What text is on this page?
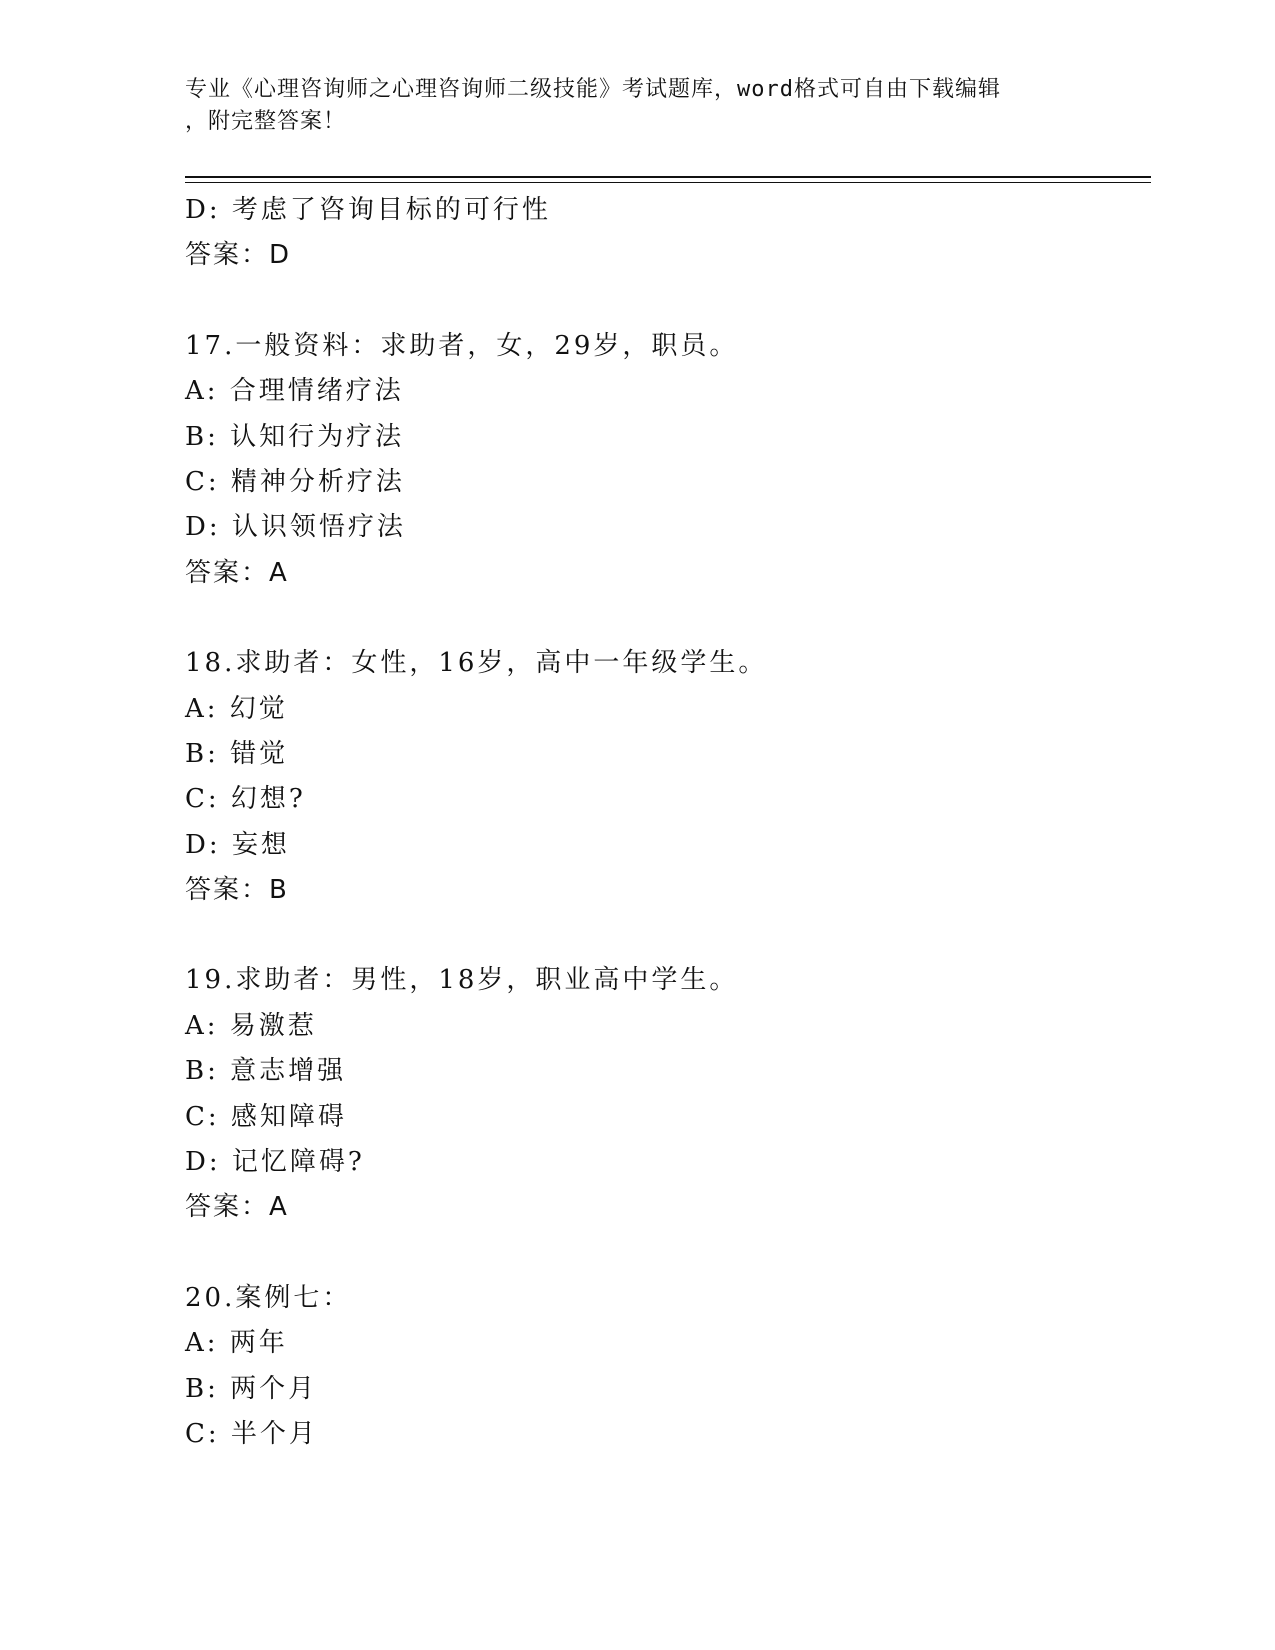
专业《心理咨询师之心理咨询师二级技能》考试题库，word格式可自由下载编辑
，附完整答案！
D: 考虑了咨询目标的可行性
答案：D
17.一般资料：求助者，女，29岁，职员。
A: 合理情绪疗法
B: 认知行为疗法
C: 精神分析疗法
D: 认识领悟疗法
答案：A
18.求助者：女性，16岁，高中一年级学生。
A: 幻觉
B: 错觉
C: 幻想?
D: 妄想
答案：B
19.求助者：男性，18岁，职业高中学生。
A: 易激惹
B: 意志增强
C: 感知障碍
D: 记忆障碍?
答案：A
20.案例七：
A: 两年
B: 两个月
C: 半个月
